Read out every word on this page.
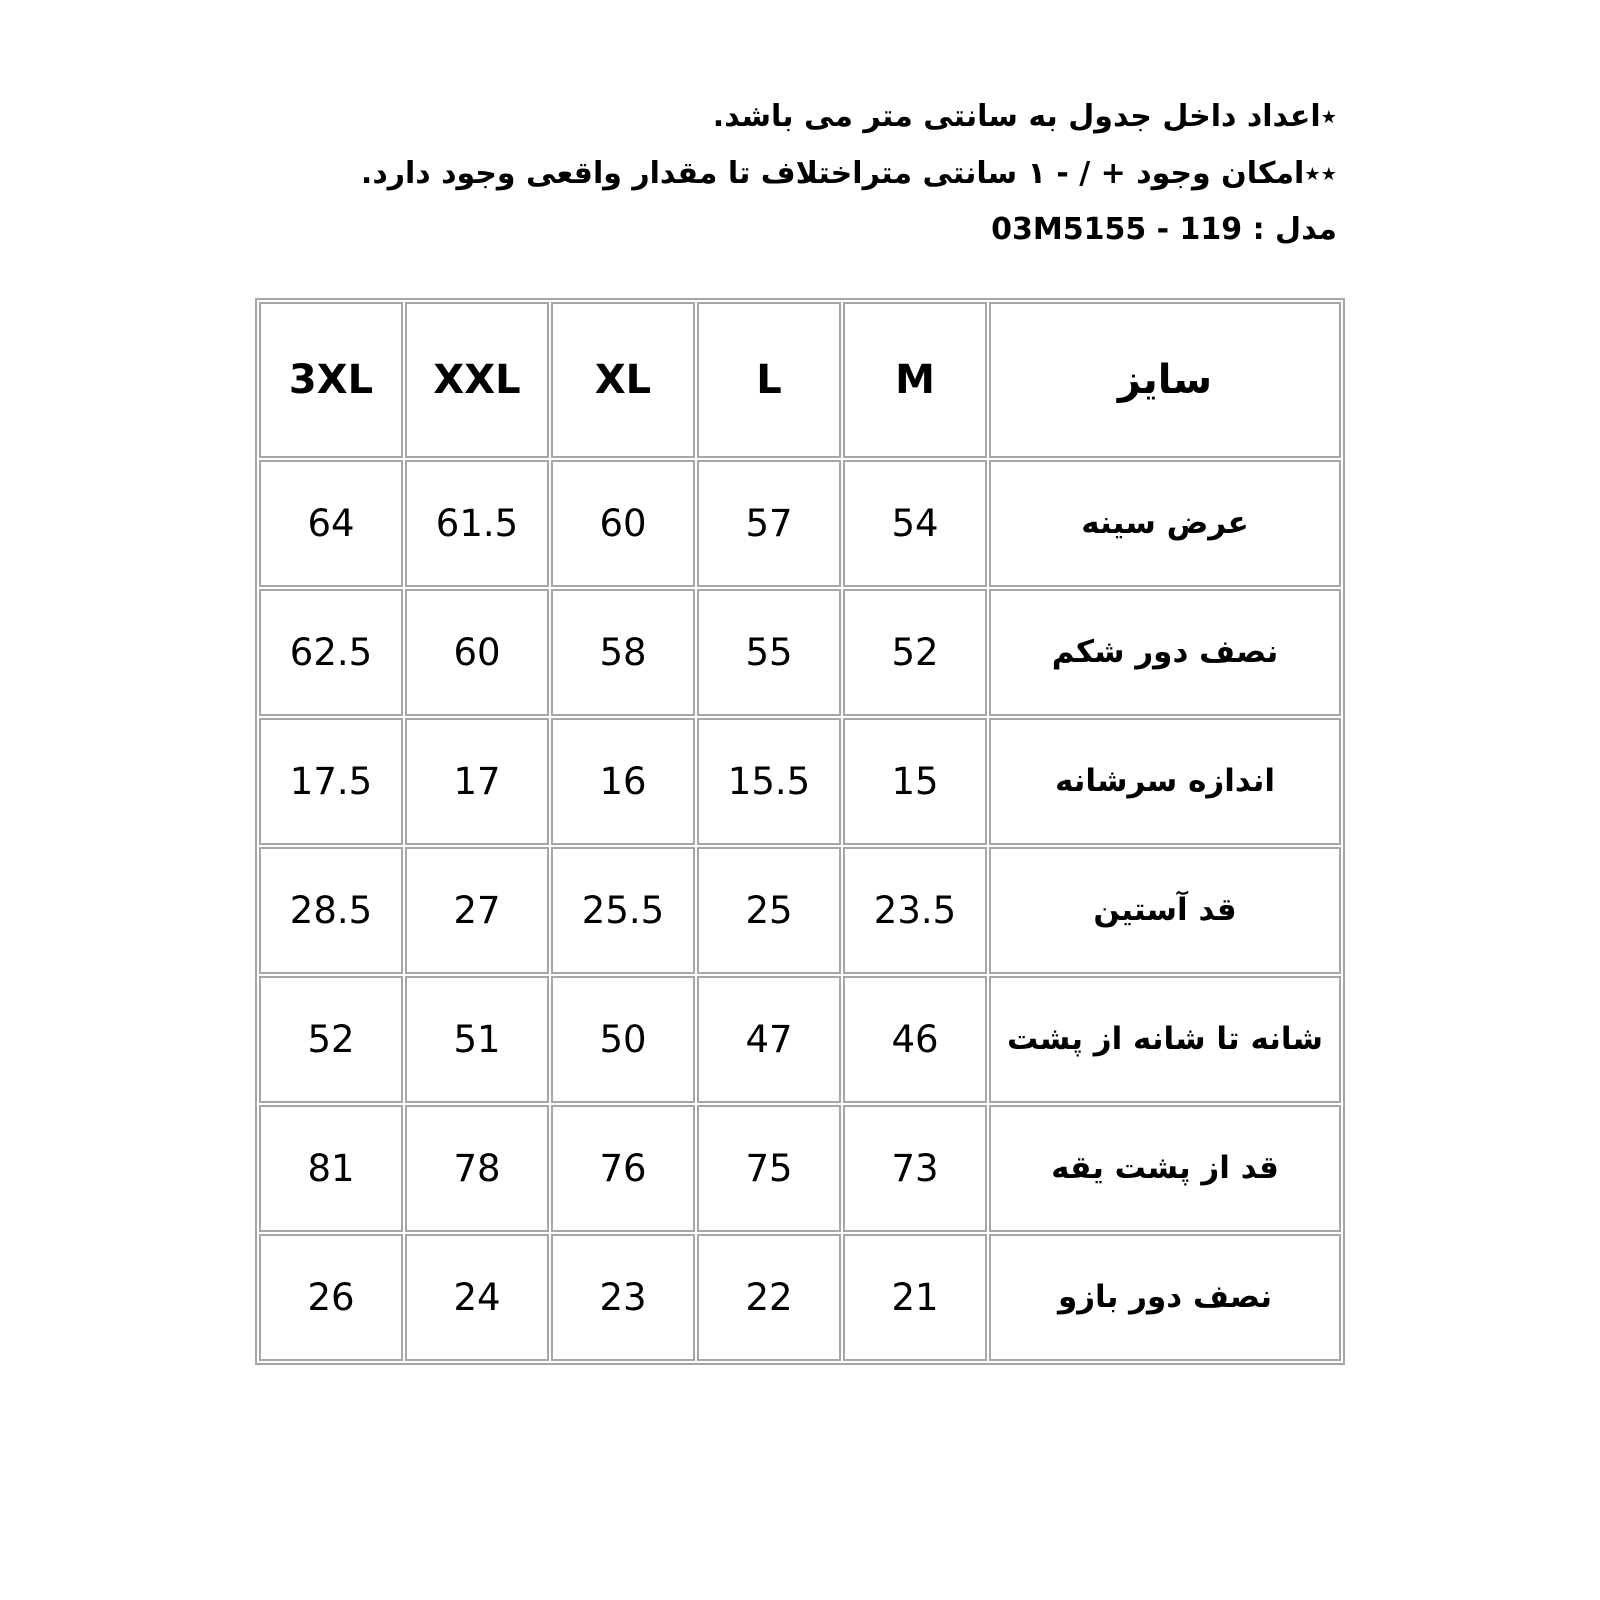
٭اعداد داخل جدول به سانتی متر می باشد.

٭٭امکان وجود + / - ۱ سانتی متراختلاف تا مقدار واقعی وجود دارد.

مدل : 03M5155 - 119

سایز	M	L	XL	XXL	3XL
عرض سینه	54	57	60	61.5	64
نصف دور شکم	52	55	58	60	62.5
اندازه سرشانه	15	15.5	16	17	17.5
قد آستین	23.5	25	25.5	27	28.5
شانه تا شانه از پشت	46	47	50	51	52
قد از پشت یقه	73	75	76	78	81
نصف دور بازو	21	22	23	24	26
